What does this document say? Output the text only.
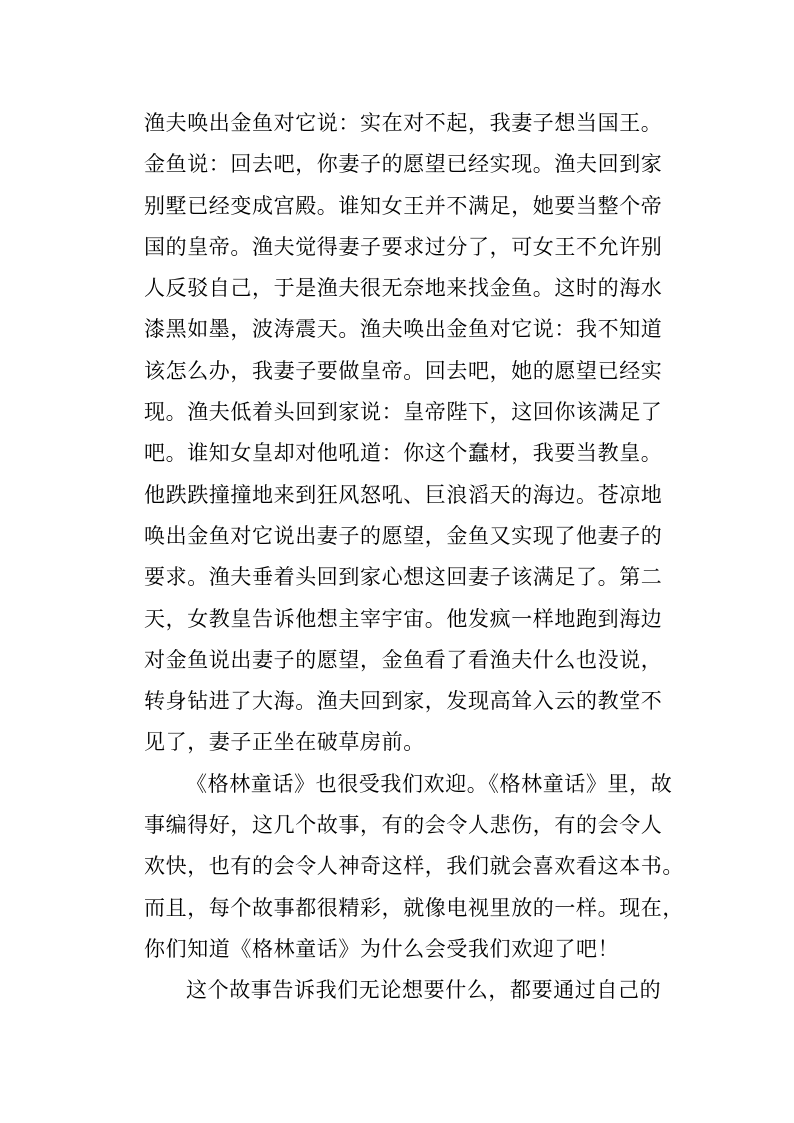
渔夫唤出金鱼对它说：实在对不起，我妻子想当国王。
金鱼说：回去吧，你妻子的愿望已经实现。渔夫回到家
别墅已经变成宫殿。谁知女王并不满足，她要当整个帝
国的皇帝。渔夫觉得妻子要求过分了，可女王不允许别
人反驳自己，于是渔夫很无奈地来找金鱼。这时的海水
漆黑如墨，波涛震天。渔夫唤出金鱼对它说：我不知道
该怎么办，我妻子要做皇帝。回去吧，她的愿望已经实
现。渔夫低着头回到家说：皇帝陛下，这回你该满足了
吧。谁知女皇却对他吼道：你这个蠢材，我要当教皇。
他跌跌撞撞地来到狂风怒吼、巨浪滔天的海边。苍凉地
唤出金鱼对它说出妻子的愿望，金鱼又实现了他妻子的
要求。渔夫垂着头回到家心想这回妻子该满足了。第二
天，女教皇告诉他想主宰宇宙。他发疯一样地跑到海边
对金鱼说出妻子的愿望，金鱼看了看渔夫什么也没说，
转身钻进了大海。渔夫回到家，发现高耸入云的教堂不
见了，妻子正坐在破草房前。
《格林童话》也很受我们欢迎。《格林童话》里，故
事编得好，这几个故事，有的会令人悲伤，有的会令人
欢快，也有的会令人神奇这样，我们就会喜欢看这本书。
而且，每个故事都很精彩，就像电视里放的一样。现在，
你们知道《格林童话》为什么会受我们欢迎了吧！
这个故事告诉我们无论想要什么，都要通过自己的
